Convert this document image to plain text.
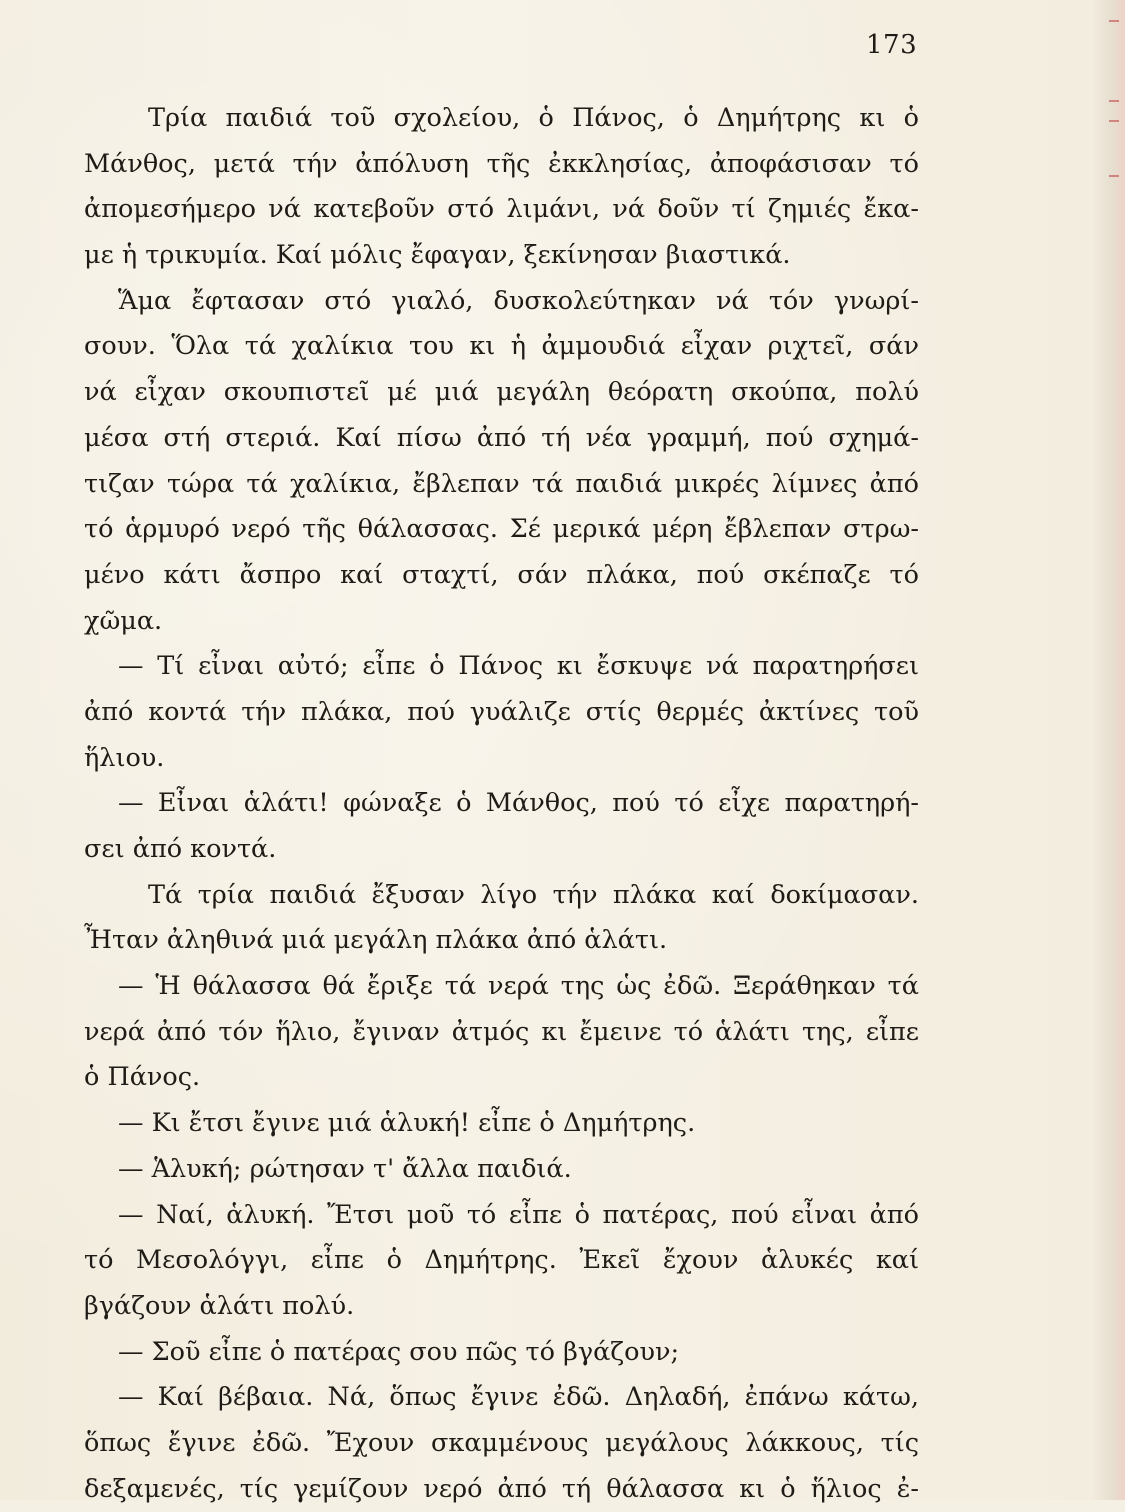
173
Τρία παιδιά τοῦ σχολείου, ὁ Πάνος, ὁ Δημήτρης κι ὁ
Μάνθος, μετά τήν ἀπόλυση τῆς ἐκκλησίας, ἀποφάσισαν τό
ἀπομεσήμερο νά κατεβοῦν στό λιμάνι, νά δοῦν τί ζημιές ἔκα-
με ἡ τρικυμία. Καί μόλις ἔφαγαν, ξεκίνησαν βιαστικά.
Ἅμα ἔφτασαν στό γιαλό, δυσκολεύτηκαν νά τόν γνωρί-
σουν. Ὅλα τά χαλίκια του κι ἡ ἀμμουδιά εἶχαν ριχτεῖ, σάν
νά εἶχαν σκουπιστεῖ μέ μιά μεγάλη θεόρατη σκούπα, πολύ
μέσα στή στεριά. Καί πίσω ἀπό τή νέα γραμμή, πού σχημά-
τιζαν τώρα τά χαλίκια, ἔβλεπαν τά παιδιά μικρές λίμνες ἀπό
τό ἁρμυρό νερό τῆς θάλασσας. Σέ μερικά μέρη ἔβλεπαν στρω-
μένο κάτι ἄσπρο καί σταχτί, σάν πλάκα, πού σκέπαζε τό
χῶμα.
— Τί εἶναι αὐτό; εἶπε ὁ Πάνος κι ἔσκυψε νά παρατηρήσει
ἀπό κοντά τήν πλάκα, πού γυάλιζε στίς θερμές ἀκτίνες τοῦ
ἥλιου.
— Εἶναι ἁλάτι! φώναξε ὁ Μάνθος, πού τό εἶχε παρατηρή-
σει ἀπό κοντά.
Τά τρία παιδιά ἔξυσαν λίγο τήν πλάκα καί δοκίμασαν.
Ἦταν ἀληθινά μιά μεγάλη πλάκα ἀπό ἁλάτι.
— Ἡ θάλασσα θά ἔριξε τά νερά της ὡς ἐδῶ. Ξεράθηκαν τά
νερά ἀπό τόν ἥλιο, ἔγιναν ἀτμός κι ἔμεινε τό ἁλάτι της, εἶπε
ὁ Πάνος.
— Κι ἔτσι ἔγινε μιά ἁλυκή! εἶπε ὁ Δημήτρης.
— Ἁλυκή; ρώτησαν τ' ἄλλα παιδιά.
— Ναί, ἁλυκή. Ἔτσι μοῦ τό εἶπε ὁ πατέρας, πού εἶναι ἀπό
τό Μεσολόγγι, εἶπε ὁ Δημήτρης. Ἐκεῖ ἔχουν ἁλυκές καί
βγάζουν ἁλάτι πολύ.
— Σοῦ εἶπε ὁ πατέρας σου πῶς τό βγάζουν;
— Καί βέβαια. Νά, ὅπως ἔγινε ἐδῶ. Δηλαδή, ἐπάνω κάτω,
ὅπως ἔγινε ἐδῶ. Ἔχουν σκαμμένους μεγάλους λάκκους, τίς
δεξαμενές, τίς γεμίζουν νερό ἀπό τή θάλασσα κι ὁ ἥλιος ἐ-
